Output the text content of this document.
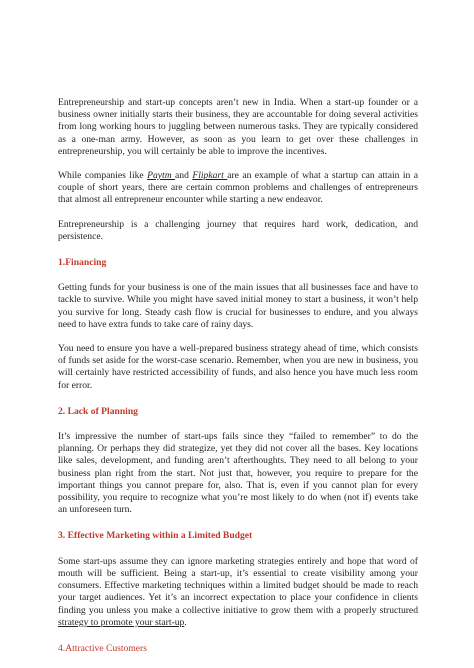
Entrepreneurship and start-up concepts aren’t new in India. When a start-up founder or a business owner initially starts their business, they are accountable for doing several activities from long working hours to juggling between numerous tasks. They are typically considered as a one-man army. However, as soon as you learn to get over these challenges in entrepreneurship, you will certainly be able to improve the incentives.

While companies like Paytm and Flipkart are an example of what a startup can attain in a couple of short years, there are certain common problems and challenges of entrepreneurs that almost all entrepreneur encounter while starting a new endeavor.

Entrepreneurship is a challenging journey that requires hard work, dedication, and persistence.

1.Financing

Getting funds for your business is one of the main issues that all businesses face and have to tackle to survive. While you might have saved initial money to start a business, it won’t help you survive for long. Steady cash flow is crucial for businesses to endure, and you always need to have extra funds to take care of rainy days.

You need to ensure you have a well-prepared business strategy ahead of time, which consists of funds set aside for the worst-case scenario. Remember, when you are new in business, you will certainly have restricted accessibility of funds, and also hence you have much less room for error.

2. Lack of Planning

It’s impressive the number of start-ups fails since they “failed to remember” to do the planning. Or perhaps they did strategize, yet they did not cover all the bases. Key locations like sales, development, and funding aren’t afterthoughts. They need to all belong to your business plan right from the start. Not just that, however, you require to prepare for the important things you cannot prepare for, also. That is, even if you cannot plan for every possibility, you require to recognize what you’re most likely to do when (not if) events take an unforeseen turn.

3. Effective Marketing within a Limited Budget

Some start-ups assume they can ignore marketing strategies entirely and hope that word of mouth will be sufficient. Being a start-up, it’s essential to create visibility among your consumers. Effective marketing techniques within a limited budget should be made to reach your target audiences. Yet it’s an incorrect expectation to place your confidence in clients finding you unless you make a collective initiative to grow them with a properly structured strategy to promote your start-up.

4.Attractive Customers
